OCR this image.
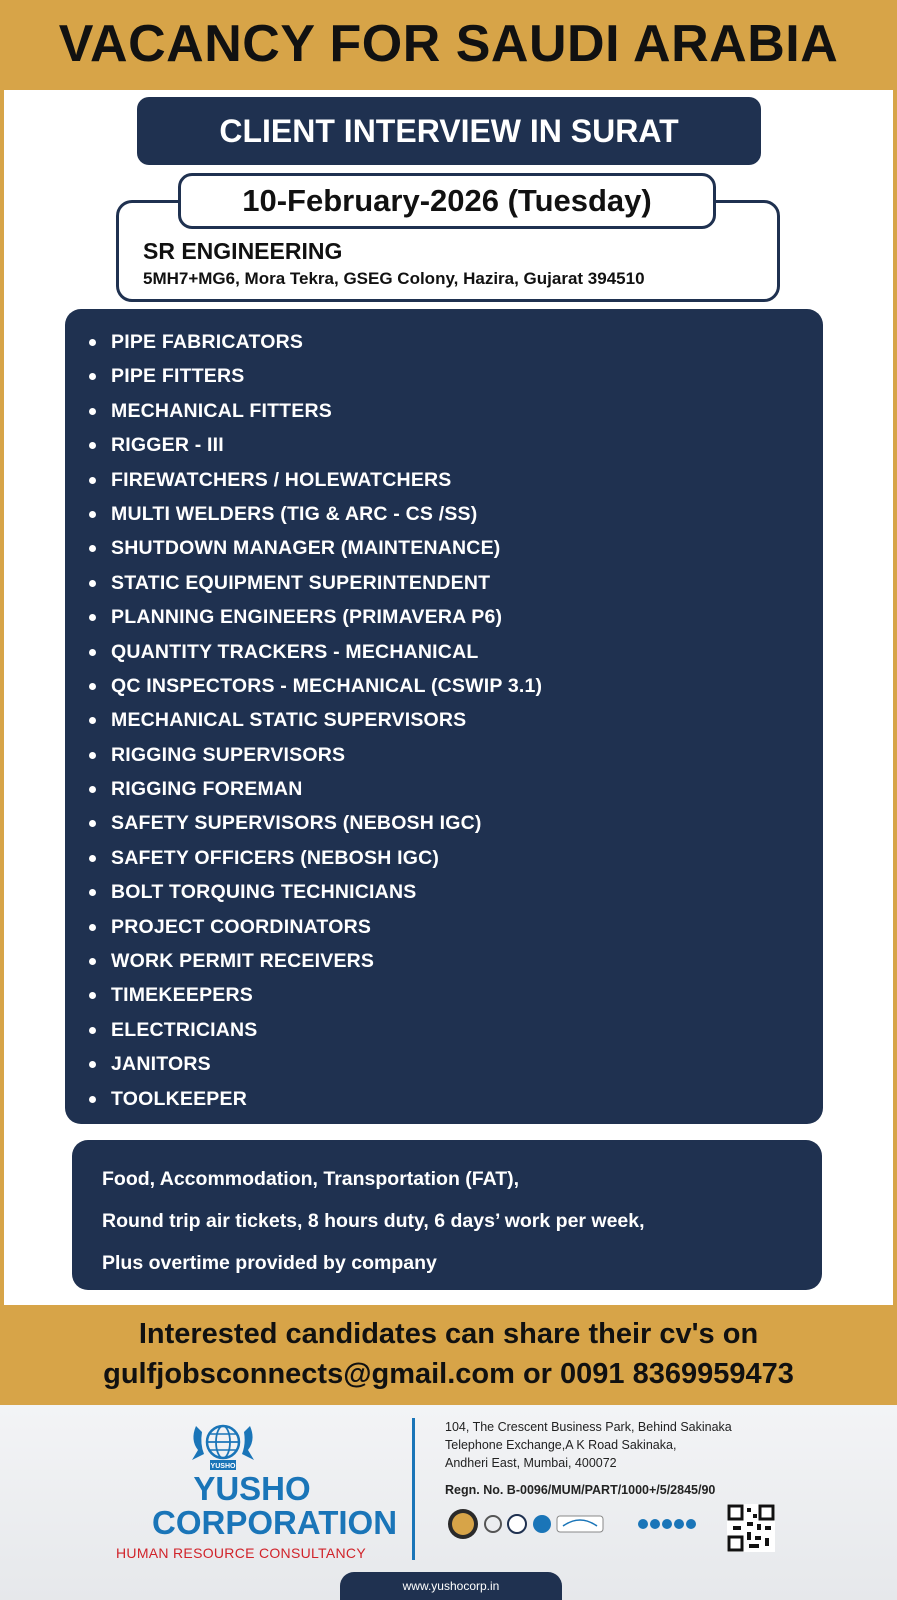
VACANCY FOR SAUDI ARABIA
CLIENT INTERVIEW IN SURAT
10-February-2026 (Tuesday)
SR ENGINEERING
5MH7+MG6, Mora Tekra, GSEG Colony, Hazira, Gujarat 394510
PIPE FABRICATORS
PIPE FITTERS
MECHANICAL FITTERS
RIGGER - III
FIREWATCHERS / HOLEWATCHERS
MULTI WELDERS (TIG & ARC - CS /SS)
SHUTDOWN MANAGER (MAINTENANCE)
STATIC EQUIPMENT SUPERINTENDENT
PLANNING ENGINEERS (PRIMAVERA P6)
QUANTITY TRACKERS - MECHANICAL
QC INSPECTORS - MECHANICAL (CSWIP 3.1)
MECHANICAL STATIC SUPERVISORS
RIGGING SUPERVISORS
RIGGING FOREMAN
SAFETY SUPERVISORS (NEBOSH IGC)
SAFETY OFFICERS (NEBOSH IGC)
BOLT TORQUING TECHNICIANS
PROJECT COORDINATORS
WORK PERMIT RECEIVERS
TIMEKEEPERS
ELECTRICIANS
JANITORS
TOOLKEEPER
Food, Accommodation, Transportation (FAT),
Round trip air tickets, 8 hours duty, 6 days’ work per week,
Plus overtime provided by company
Interested candidates can share their cv's on
gulfjobsconnects@gmail.com or 0091 8369959473
YUSHO
YUSHO
CORPORATION
HUMAN RESOURCE CONSULTANCY
104, The Crescent Business Park, Behind Sakinaka
Telephone Exchange,A K Road Sakinaka,
Andheri East, Mumbai, 400072
Regn. No. B-0096/MUM/PART/1000+/5/2845/90
www.yushocorp.in
